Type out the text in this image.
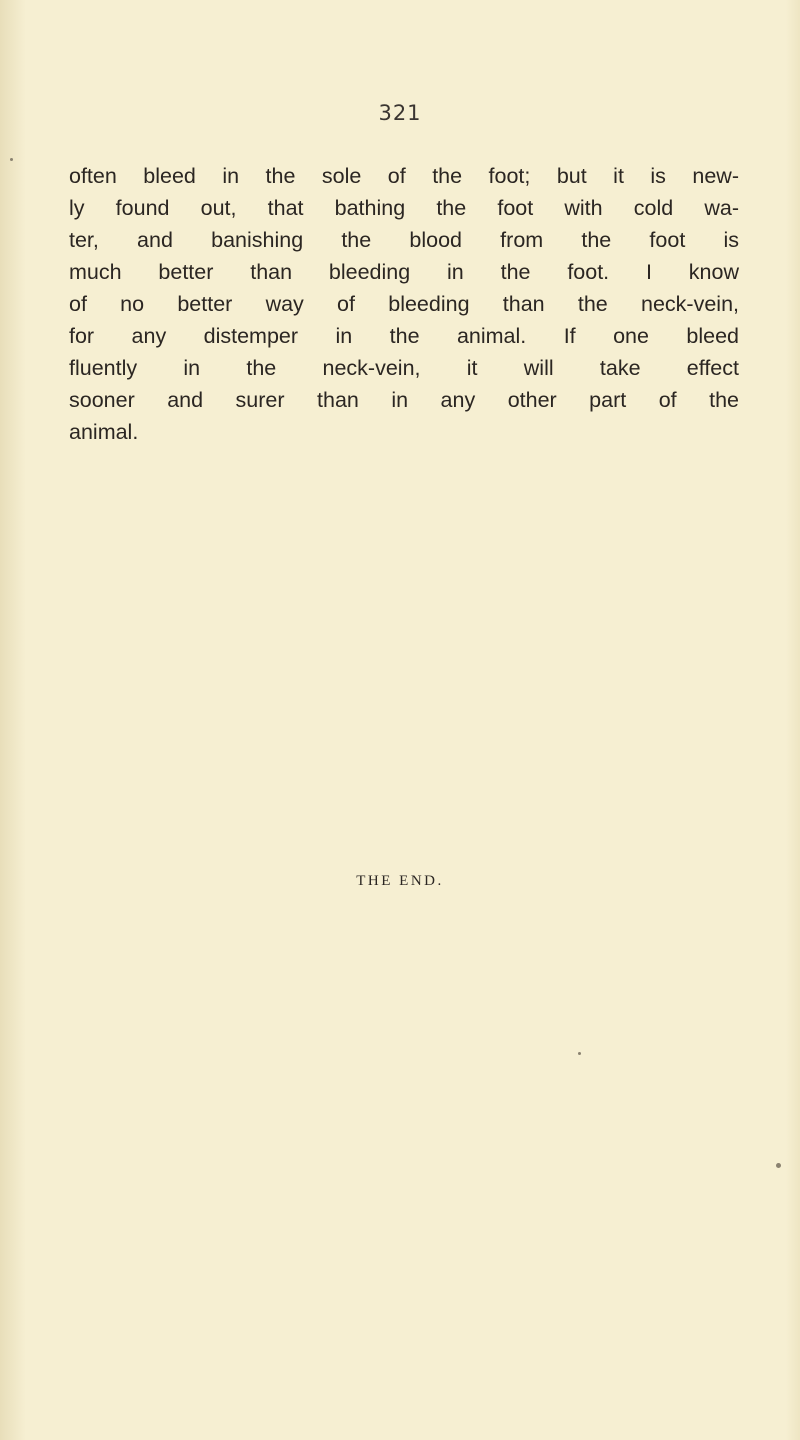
321
often bleed in the sole of the foot; but it is new-
ly found out, that bathing the foot with cold wa-
ter, and banishing the blood from the foot is
much better than bleeding in the foot. I know
of no better way of bleeding than the neck-vein,
for any distemper in the animal. If one bleed
fluently in the neck-vein, it will take effect
sooner and surer than in any other part of the
animal.
THE END.
